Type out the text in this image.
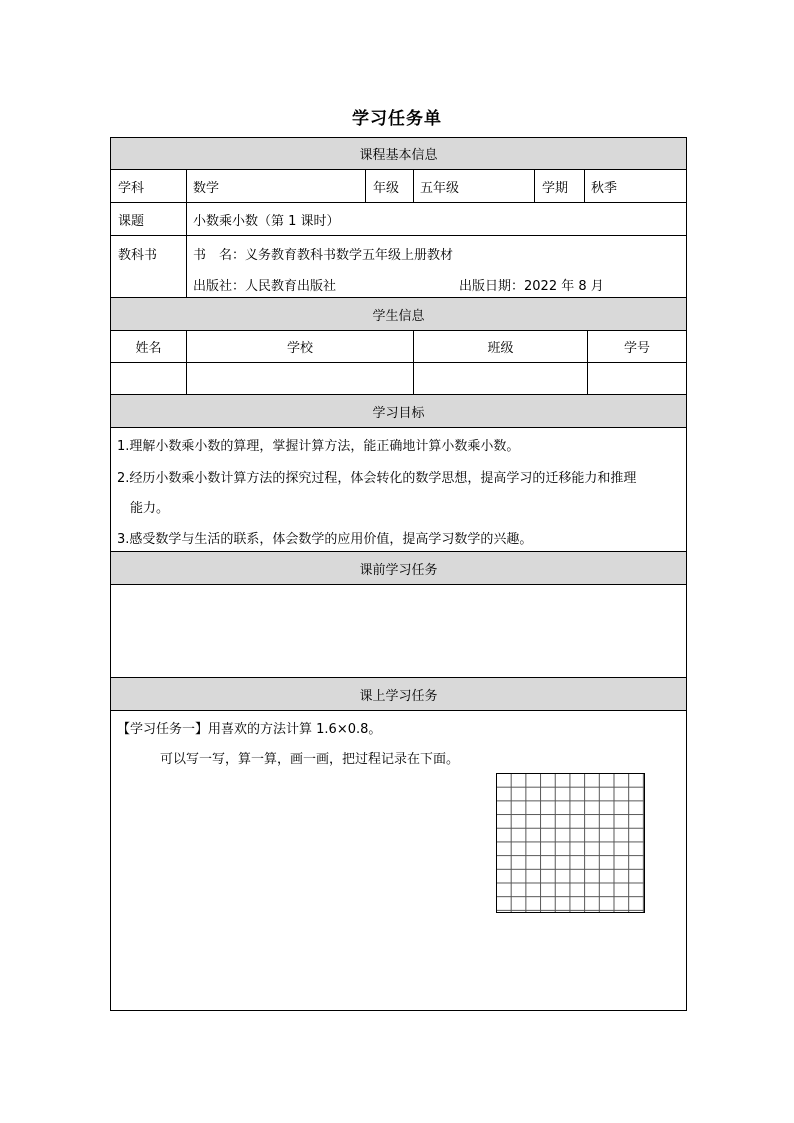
学习任务单
课程基本信息
学生信息
学习目标
课前学习任务
课上学习任务
学科	数学	年级 五年级	学期 秋季
课题	小数乘小数（第 1 课时）
教科书	书　名：义务教育教科书数学五年级上册教材
出版社：人民教育出版社	出版日期：2022 年 8 月
姓名	学校	班级	学号
1.理解小数乘小数的算理，掌握计算方法，能正确地计算小数乘小数。
2.经历小数乘小数计算方法的探究过程，体会转化的数学思想，提高学习的迁移能力和推理
能力。
3.感受数学与生活的联系，体会数学的应用价值，提高学习数学的兴趣。
【学习任务一】用喜欢的方法计算 1.6×0.8。
可以写一写，算一算，画一画，把过程记录在下面。
